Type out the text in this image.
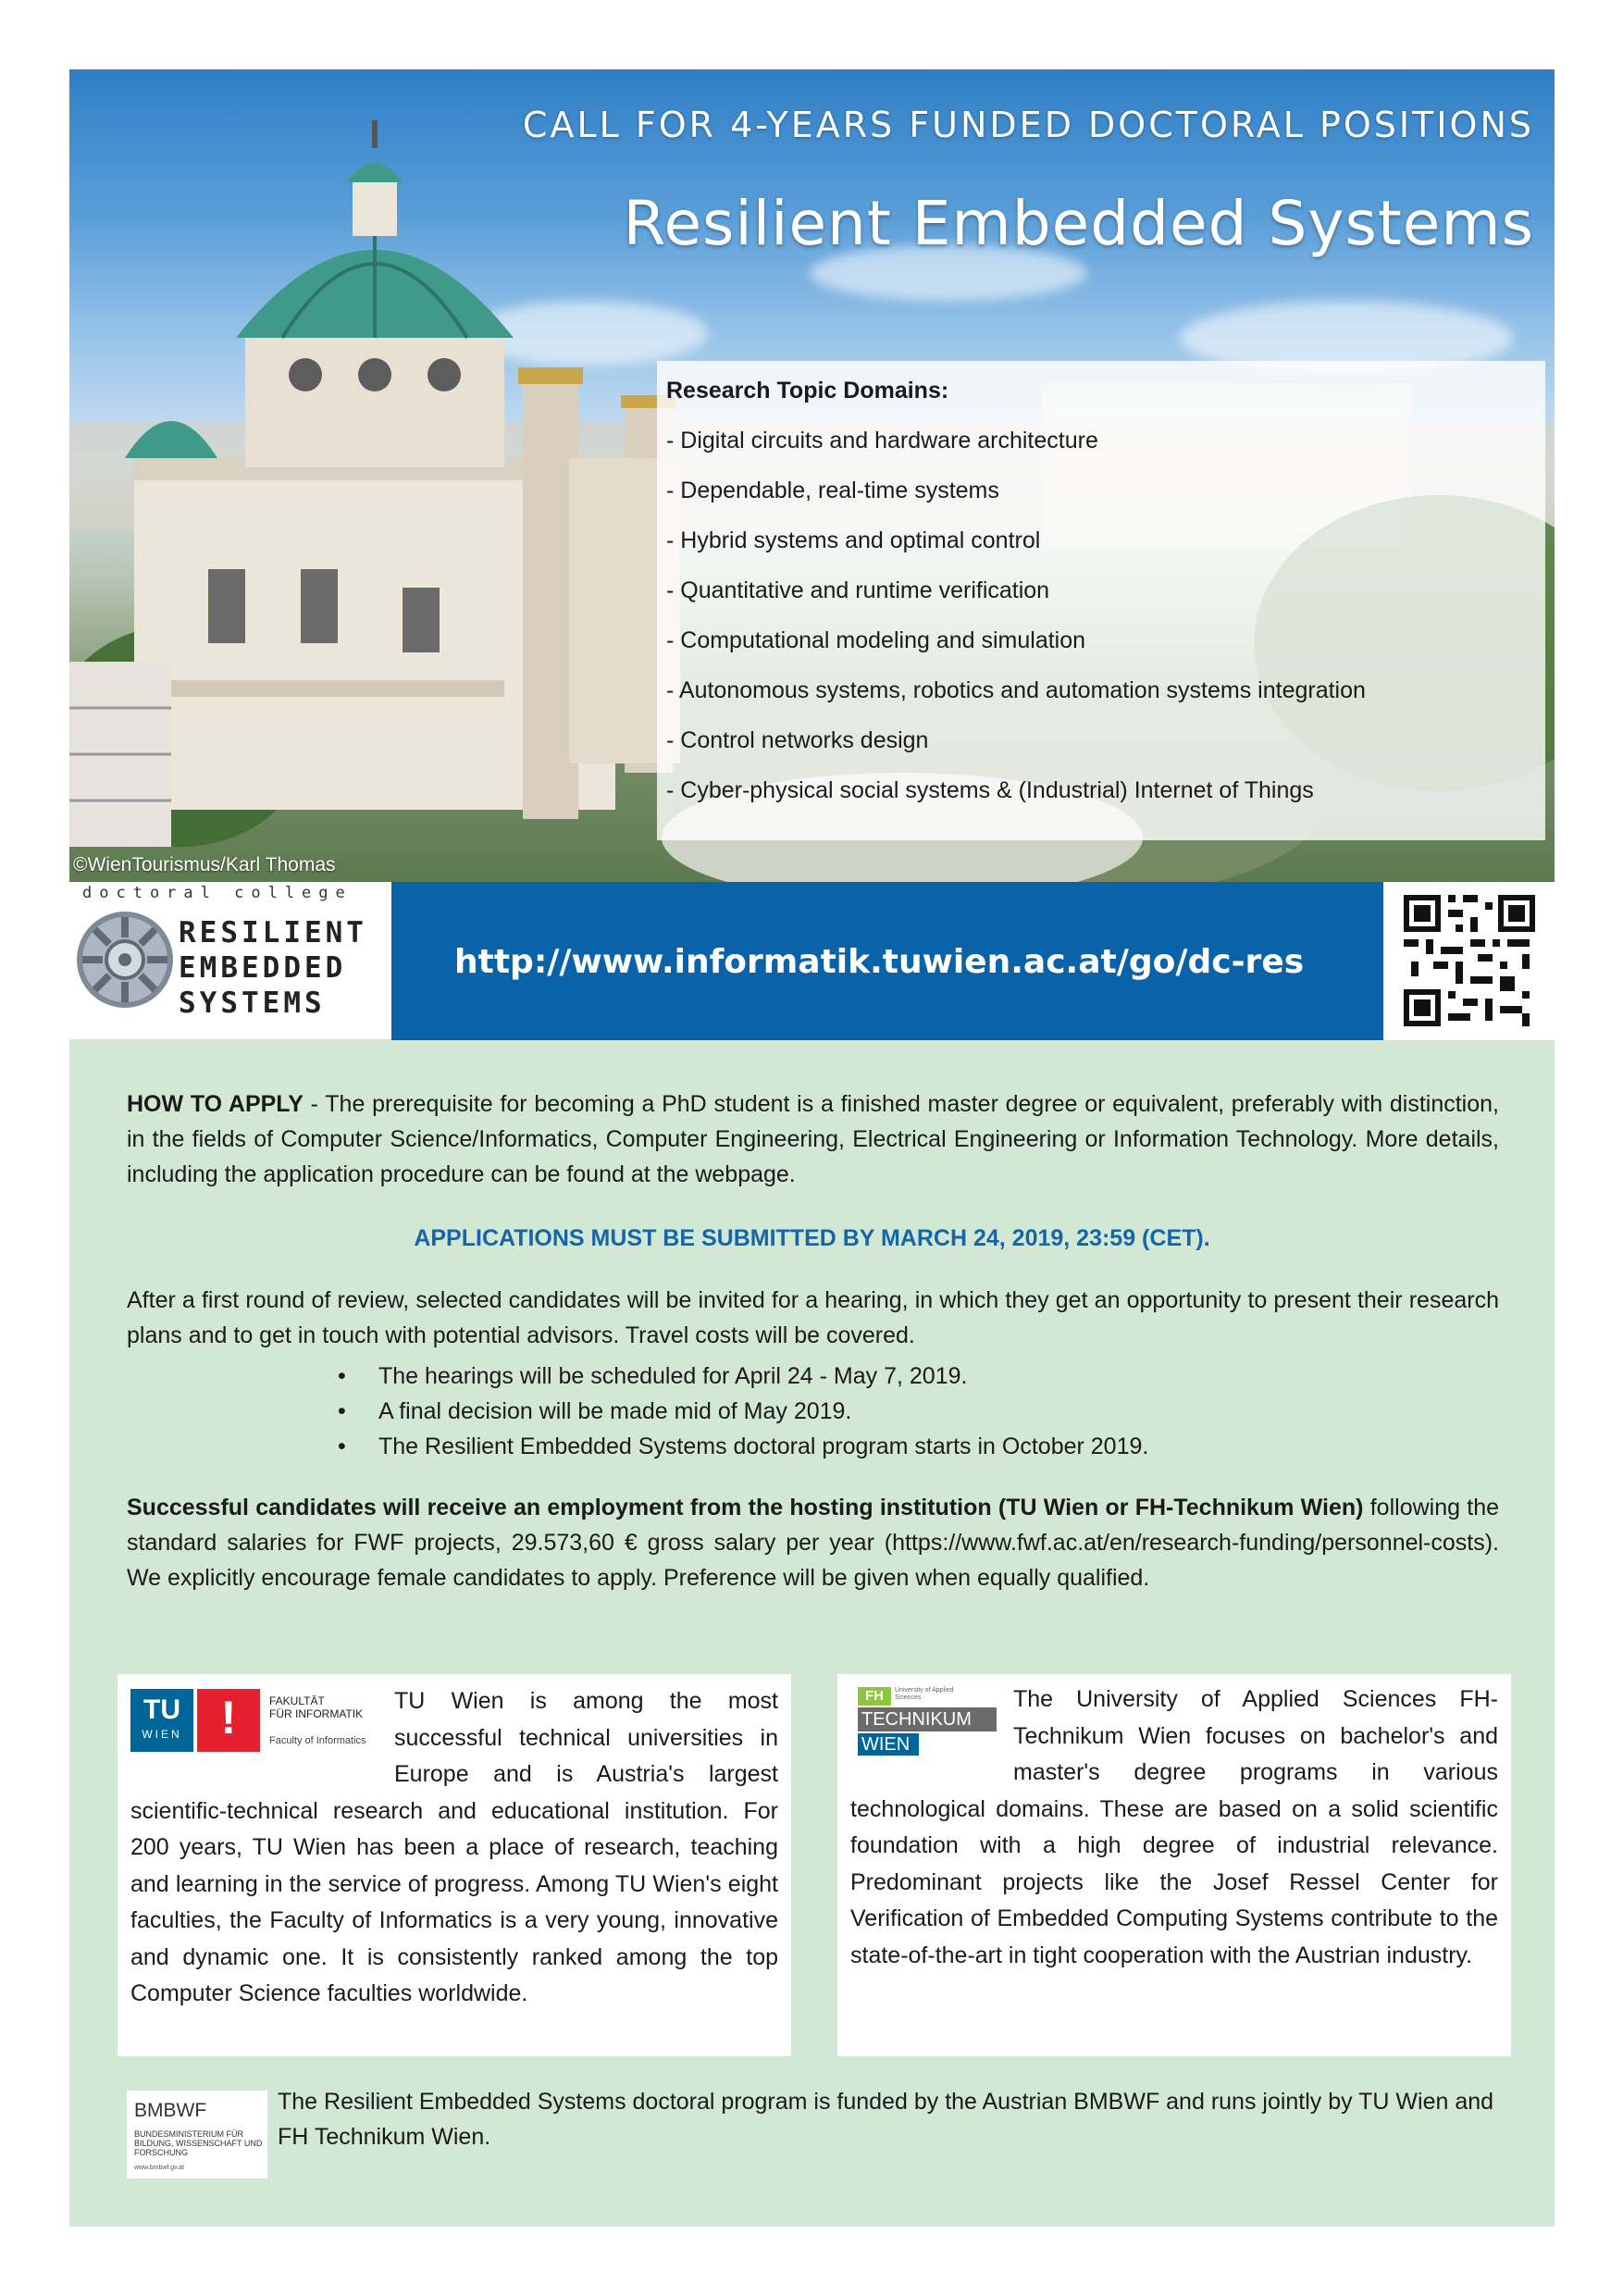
CALL FOR 4-YEARS FUNDED DOCTORAL POSITIONS
Resilient Embedded Systems
Research Topic Domains:
- Digital circuits and hardware architecture
- Dependable, real-time systems
- Hybrid systems and optimal control
- Quantitative and runtime verification
- Computational modeling and simulation
- Autonomous systems, robotics and automation systems integration
- Control networks design
- Cyber-physical social systems & (Industrial) Internet of Things
©WienTourismus/Karl Thomas
doctoral college
RESILIENT
EMBEDDED
SYSTEMS
http://www.informatik.tuwien.ac.at/go/dc-res

HOW TO APPLY - The prerequisite for becoming a PhD student is a finished master degree or equivalent, preferably with distinction, in the fields of Computer Science/Informatics, Computer Engineering, Electrical Engineering or Information Technology. More details, including the application procedure can be found at the webpage.

APPLICATIONS MUST BE SUBMITTED BY MARCH 24, 2019, 23:59 (CET).

After a first round of review, selected candidates will be invited for a hearing, in which they get an opportunity to present their research plans and to get in touch with potential advisors. Travel costs will be covered.

• The hearings will be scheduled for April 24 - May 7, 2019.
• A final decision will be made mid of May 2019.
• The Resilient Embedded Systems doctoral program starts in October 2019.

Successful candidates will receive an employment from the hosting institution (TU Wien or FH-Technikum Wien) following the standard salaries for FWF projects, 29.573,60 € gross salary per year (https://www.fwf.ac.at/en/research-funding/personnel-costs). We explicitly encourage female candidates to apply. Preference will be given when equally qualified.

TU
WIEN !	FAKULTÄT
FÜR INFORMATIK
Faculty of Informatics
TU Wien is among the most successful technical universities in Europe and is Austria's largest scientific-technical research and educational institution. For 200 years, TU Wien has been a place of research, teaching and learning in the service of progress. Among TU Wien's eight faculties, the Faculty of Informatics is a very young, innovative and dynamic one. It is consistently ranked among the top Computer Science faculties worldwide.
FH	University of Applied Sciences
TECHNIKUM
WIEN
The University of Applied Sciences FH-Technikum Wien focuses on bachelor's and master's degree programs in various technological domains. These are based on a solid scientific foundation with a high degree of industrial relevance. Predominant projects like the Josef Ressel Center for Verification of Embedded Computing Systems contribute to the state-of-the-art in tight cooperation with the Austrian industry.
BMBWF
BUNDESMINISTERIUM FÜR BILDUNG, WISSENSCHAFT UND FORSCHUNG
www.bmbwf.gv.at
The Resilient Embedded Systems doctoral program is funded by the Austrian BMBWF and runs jointly by TU Wien and FH Technikum Wien.
